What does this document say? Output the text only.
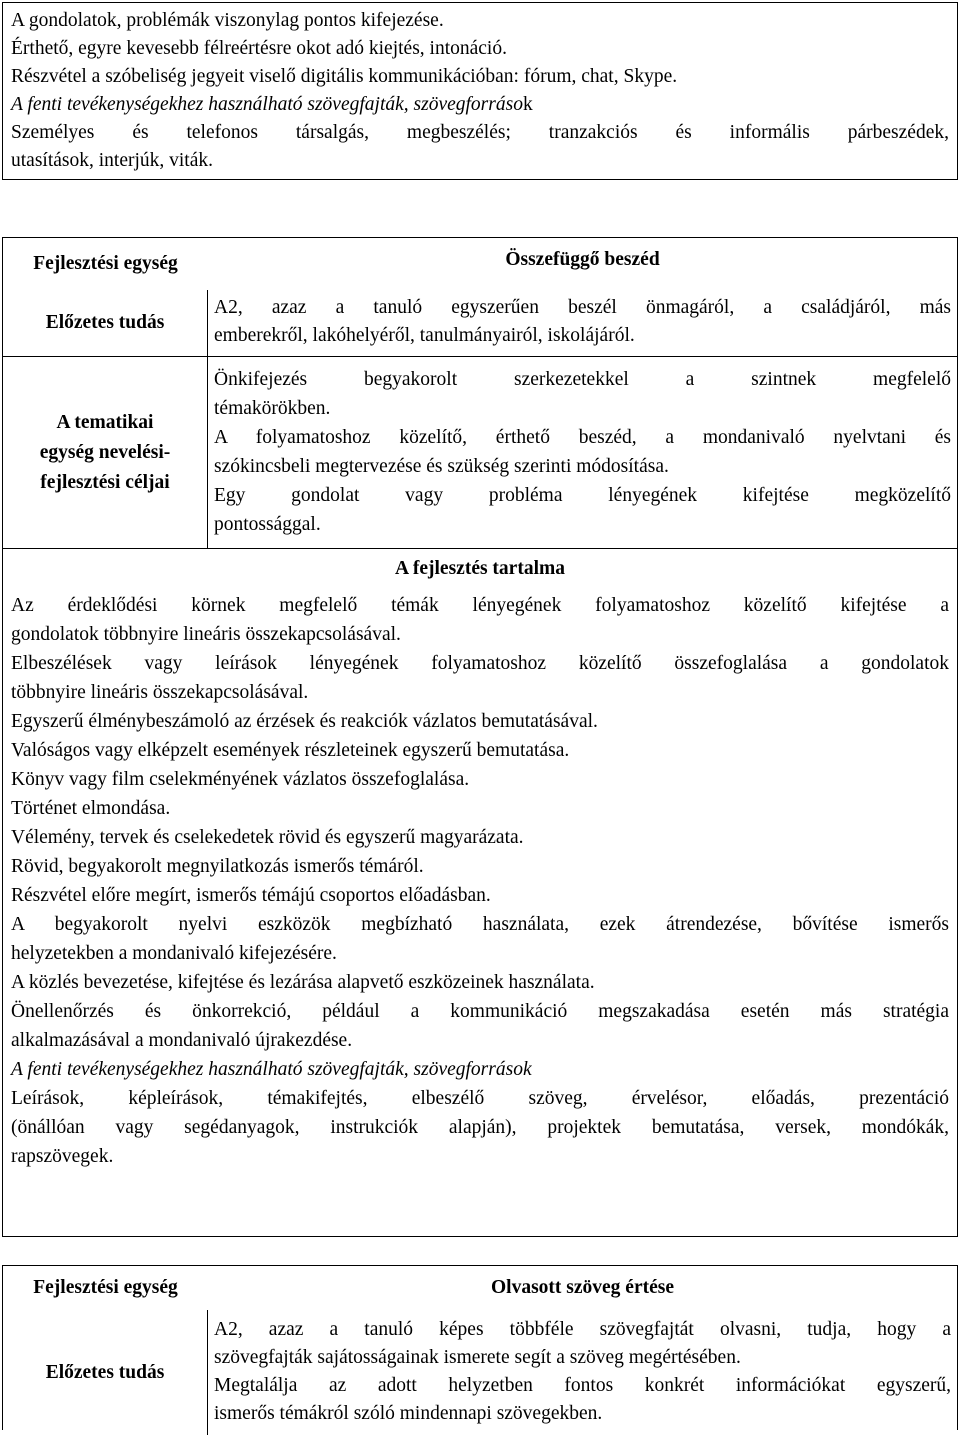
A gondolatok, problémák viszonylag pontos kifejezése.
Érthető, egyre kevesebb félreértésre okot adó kiejtés, intonáció.
Részvétel a szóbeliség jegyeit viselő digitális kommunikációban: fórum, chat, Skype.
A fenti tevékenységekhez használható szövegfajták, szövegforrások
Személyes és telefonos társalgás, megbeszélés; tranzakciós és informális párbeszédek,
utasítások, interjúk, viták.
Fejlesztési egység	Összefüggő beszéd
Előzetes tudás
A2, azaz a tanuló egyszerűen beszél önmagáról, a családjáról, más
emberekről, lakóhelyéről, tanulmányairól, iskolájáról.
A tematikai
egység nevelési-
fejlesztési céljai
Önkifejezés begyakorolt szerkezetekkel a szintnek megfelelő
témakörökben.
A folyamatoshoz közelítő, érthető beszéd, a mondanivaló nyelvtani és
szókincsbeli megtervezése és szükség szerinti módosítása.
Egy gondolat vagy probléma lényegének kifejtése megközelítő
pontossággal.
A fejlesztés tartalma
Az érdeklődési körnek megfelelő témák lényegének folyamatoshoz közelítő kifejtése a
gondolatok többnyire lineáris összekapcsolásával.
Elbeszélések vagy leírások lényegének folyamatoshoz közelítő összefoglalása a gondolatok
többnyire lineáris összekapcsolásával.
Egyszerű élménybeszámoló az érzések és reakciók vázlatos bemutatásával.
Valóságos vagy elképzelt események részleteinek egyszerű bemutatása.
Könyv vagy film cselekményének vázlatos összefoglalása.
Történet elmondása.
Vélemény, tervek és cselekedetek rövid és egyszerű magyarázata.
Rövid, begyakorolt megnyilatkozás ismerős témáról.
Részvétel előre megírt, ismerős témájú csoportos előadásban.
A begyakorolt nyelvi eszközök megbízható használata, ezek átrendezése, bővítése ismerős
helyzetekben a mondanivaló kifejezésére.
A közlés bevezetése, kifejtése és lezárása alapvető eszközeinek használata.
Önellenőrzés és önkorrekció, például a kommunikáció megszakadása esetén más stratégia
alkalmazásával a mondanivaló újrakezdése.
A fenti tevékenységekhez használható szövegfajták, szövegforrások
Leírások, képleírások, témakifejtés, elbeszélő szöveg, érvelésor, előadás, prezentáció
(önállóan vagy segédanyagok, instrukciók alapján), projektek bemutatása, versek, mondókák,
rapszövegek.
Fejlesztési egység	Olvasott szöveg értése
Előzetes tudás
A2, azaz a tanuló képes többféle szövegfajtát olvasni, tudja, hogy a
szövegfajták sajátosságainak ismerete segít a szöveg megértésében.
Megtalálja az adott helyzetben fontos konkrét információkat egyszerű,
ismerős témákról szóló mindennapi szövegekben.
